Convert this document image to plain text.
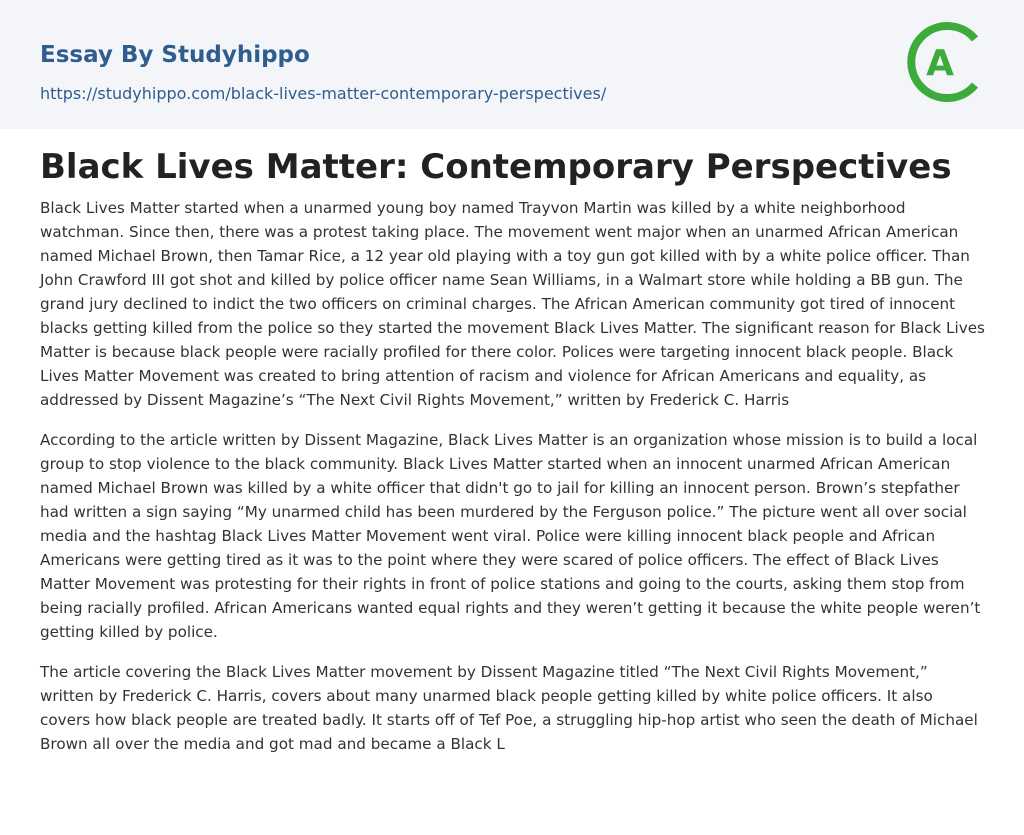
Essay By Studyhippo
https://studyhippo.com/black-lives-matter-contemporary-perspectives/
A
Black Lives Matter: Contemporary Perspectives

Black Lives Matter started when a unarmed young boy named Trayvon Martin was killed by a white neighborhood watchman. Since then, there was a protest taking place. The movement went major when an unarmed African American named Michael Brown, then Tamar Rice, a 12 year old playing with a toy gun got killed with by a white police officer. Than John Crawford III got shot and killed by police officer name Sean Williams, in a Walmart store while holding a BB gun. The grand jury declined to indict the two officers on criminal charges. The African American community got tired of innocent blacks getting killed from the police so they started the movement Black Lives Matter. The significant reason for Black Lives Matter is because black people were racially profiled for there color. Polices were targeting innocent black people. Black Lives Matter Movement was created to bring attention of racism and violence for African Americans and equality, as addressed by Dissent Magazine’s “The Next Civil Rights Movement,” written by Frederick C. Harris

According to the article written by Dissent Magazine, Black Lives Matter is an organization whose mission is to build a local group to stop violence to the black community. Black Lives Matter started when an innocent unarmed African American named Michael Brown was killed by a white officer that didn't go to jail for killing an innocent person. Brown’s stepfather had written a sign saying “My unarmed child has been murdered by the Ferguson police.” The picture went all over social media and the hashtag Black Lives Matter Movement went viral. Police were killing innocent black people and African Americans were getting tired as it was to the point where they were scared of police officers. The effect of Black Lives Matter Movement was protesting for their rights in front of police stations and going to the courts, asking them stop from being racially profiled. African Americans wanted equal rights and they weren’t getting it because the white people weren’t getting killed by police.

The article covering the Black Lives Matter movement by Dissent Magazine titled “The Next Civil Rights Movement,” written by Frederick C. Harris, covers about many unarmed black people getting killed by white police officers. It also covers how black people are treated badly. It starts off of Tef Poe, a struggling hip-hop artist who seen the death of Michael Brown all over the media and got mad and became a Black L
